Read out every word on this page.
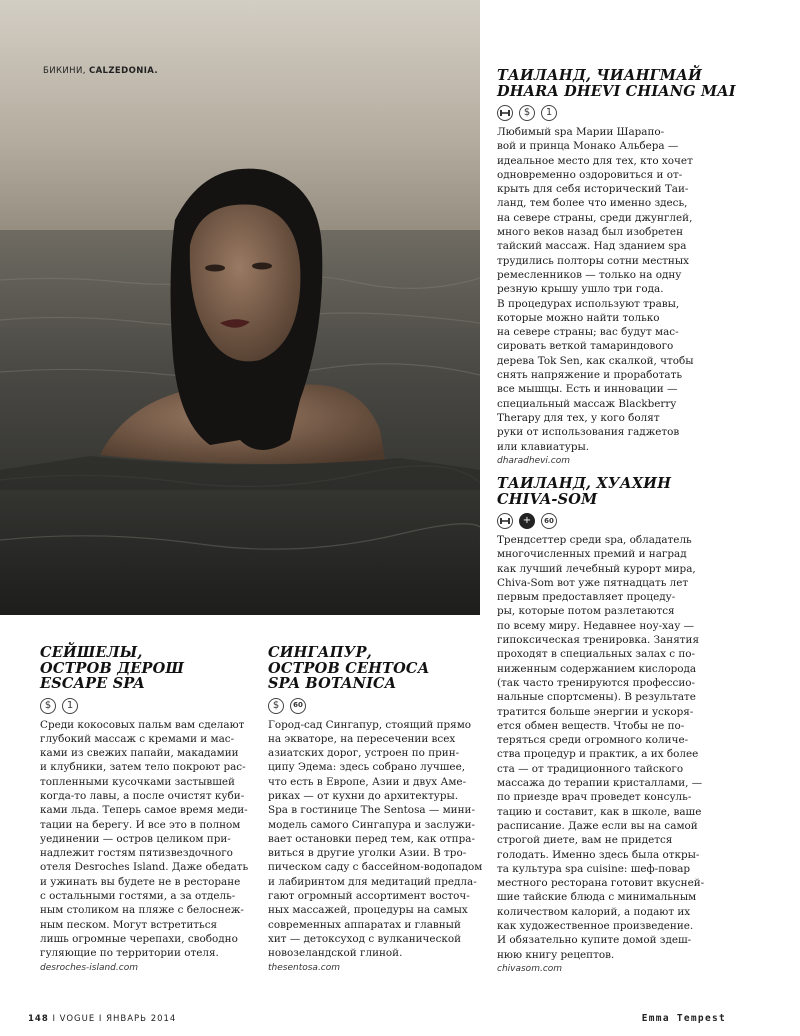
БИКИНИ, CALZEDONIA.	ТАИЛАНД, ЧИАНГМАЙ
DHARA DHEVI CHIANG MAI
$	1

Любимый spa Марии Шарапо-
вой и принца Монако Альбера —
идеальное место для тех, кто хочет
одновременно оздоровиться и от-
крыть для себя исторический Таи-
ланд, тем более что именно здесь,
на севере страны, среди джунглей,
много веков назад был изобретен
тайский массаж. Над зданием spa
трудились полторы сотни местных
ремесленников — только на одну
резную крышу ушло три года.
В процедурах используют травы,
которые можно найти только
на севере страны; вас будут мас-
сировать веткой тамариндового
дерева Tok Sen, как скалкой, чтобы
снять напряжение и проработать
все мышцы. Есть и инновации —
специальный массаж Blackberry
Therapy для тех, у кого болят
руки от использования гаджетов
или клавиатуры.

dharadhevi.com
ТАИЛАНД, ХУАХИН
CHIVA-SOM
+	60

Трендсеттер среди spa, обладатель
многочисленных премий и наград
как лучший лечебный курорт мира,
Chiva-Som вот уже пятнадцать лет
первым предоставляет процеду-
ры, которые потом разлетаются
по всему миру. Недавнее ноу-хау —
гипоксическая тренировка. Занятия
проходят в специальных залах с по-
ниженным содержанием кислорода
(так часто тренируются профессио-
нальные спортсмены). В результате
тратится больше энергии и ускоря-
ется обмен веществ. Чтобы не по-
теряться среди огромного количе-
ства процедур и практик, а их более
ста — от традиционного тайского
массажа до терапии кристаллами, —
по приезде врач проведет консуль-
тацию и составит, как в школе, ваше
расписание. Даже если вы на самой
строгой диете, вам не придется
голодать. Именно здесь была откры-
та культура spa cuisine: шеф-повар
местного ресторана готовит вкусней-
шие тайские блюда с минимальным
количеством калорий, а подают их
как художественное произведение.
И обязательно купите домой здеш-
нюю книгу рецептов.

chivasom.com
СЕЙШЕЛЫ,
ОСТРОВ ДЕРОШ
ESCAPE SPA
$	1

Среди кокосовых пальм вам сделают
глубокий массаж с кремами и мас-
ками из свежих папайи, макадамии
и клубники, затем тело покроют рас-
топленными кусочками застывшей
когда-то лавы, а после очистят куби-
ками льда. Теперь самое время меди-
тации на берегу. И все это в полном
уединении — остров целиком при-
надлежит гостям пятизвездочного
отеля Desroches Island. Даже обедать
и ужинать вы будете не в ресторане
с остальными гостями, а за отдель-
ным столиком на пляже с белоснеж-
ным песком. Могут встретиться
лишь огромные черепахи, свободно
гуляющие по территории отеля.

desroches-island.com
СИНГАПУР,
ОСТРОВ СЕНТОСА
SPA BOTANICA
$	60

Город-сад Сингапур, стоящий прямо
на экваторе, на пересечении всех
азиатских дорог, устроен по прин-
ципу Эдема: здесь собрано лучшее,
что есть в Европе, Азии и двух Аме-
риках — от кухни до архитектуры.
Spa в гостинице The Sentosa — мини-
модель самого Сингапура и заслужи-
вает остановки перед тем, как отпра-
виться в другие уголки Азии. В тро-
пическом саду с бассейном-водопадом
и лабиринтом для медитаций предла-
гают огромный ассортимент восточ-
ных массажей, процедуры на самых
современных аппаратах и главный
хит — детоксуход с вулканической
новозеландской глиной.

thesentosa.com
148 I VOGUE I ЯНВАРЬ 2014	Emma Tempest
